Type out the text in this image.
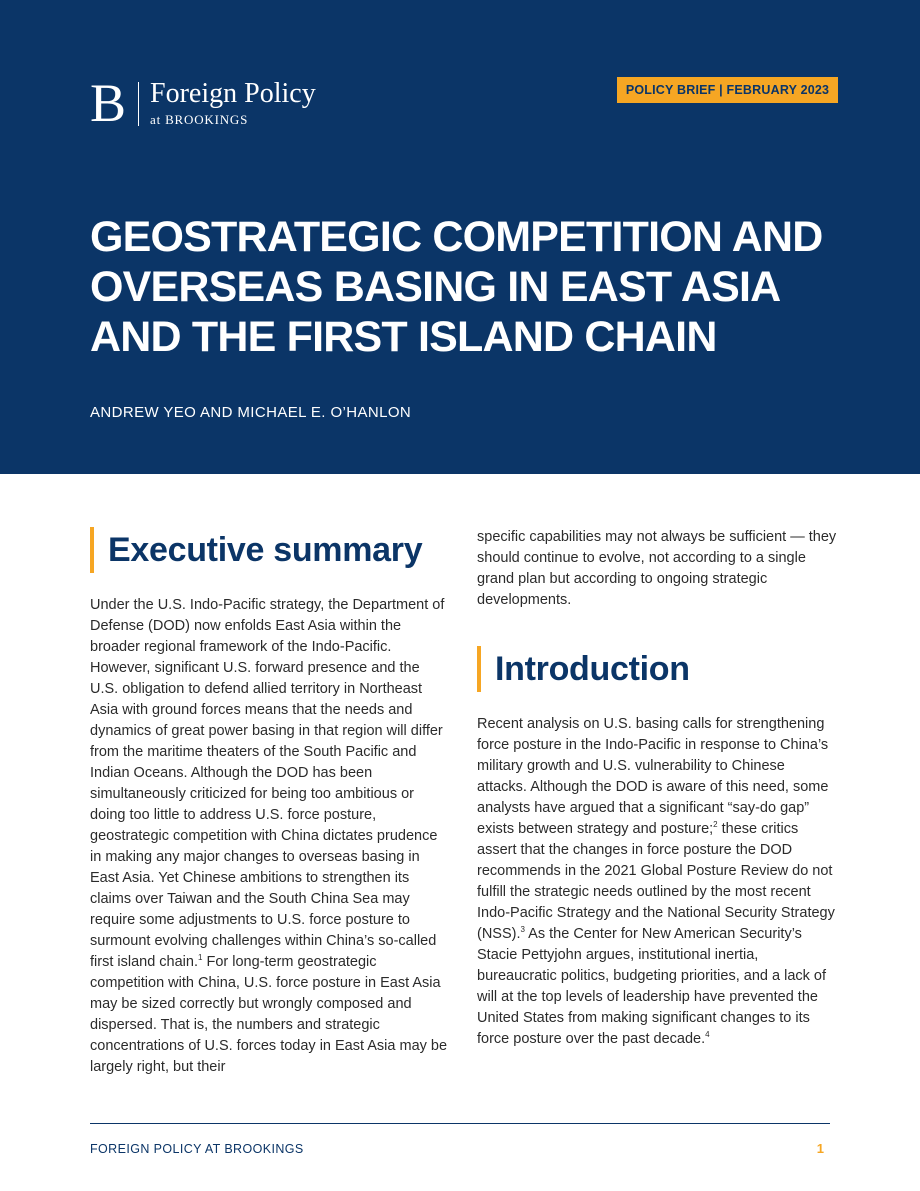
B Foreign Policy
at BROOKINGS
POLICY BRIEF | FEBRUARY 2023
GEOSTRATEGIC COMPETITION AND OVERSEAS BASING IN EAST ASIA AND THE FIRST ISLAND CHAIN
ANDREW YEO AND MICHAEL E. O’HANLON
Executive summary

Under the U.S. Indo-Pacific strategy, the Department of Defense (DOD) now enfolds East Asia within the broader regional framework of the Indo-Pacific. However, significant U.S. forward presence and the U.S. obligation to defend allied territory in Northeast Asia with ground forces means that the needs and dynamics of great power basing in that region will differ from the maritime theaters of the South Pacific and Indian Oceans. Although the DOD has been simultaneously criticized for being too ambitious or doing too little to address U.S. force posture, geostrategic competition with China dictates prudence in making any major changes to overseas basing in East Asia. Yet Chinese ambitions to strengthen its claims over Taiwan and the South China Sea may require some adjustments to U.S. force posture to surmount evolving challenges within China’s so-called first island chain.$^1$ For long-term geostrategic competition with China, U.S. force posture in East Asia may be sized correctly but wrongly composed and dispersed. That is, the numbers and strategic concentrations of U.S. forces today in East Asia may be largely right, but their

specific capabilities may not always be sufficient — they should continue to evolve, not according to a single grand plan but according to ongoing strategic developments.

Introduction

Recent analysis on U.S. basing calls for strengthening force posture in the Indo-Pacific in response to China’s military growth and U.S. vulnerability to Chinese attacks. Although the DOD is aware of this need, some analysts have argued that a significant “say-do gap” exists between strategy and posture;$^2$ these critics assert that the changes in force posture the DOD recommends in the 2021 Global Posture Review do not fulfill the strategic needs outlined by the most recent Indo-Pacific Strategy and the National Security Strategy (NSS).$^3$ As the Center for New American Security’s Stacie Pettyjohn argues, institutional inertia, bureaucratic politics, budgeting priorities, and a lack of will at the top levels of leadership have prevented the United States from making significant changes to its force posture over the past decade.$^4$

FOREIGN POLICY AT BROOKINGS	1
